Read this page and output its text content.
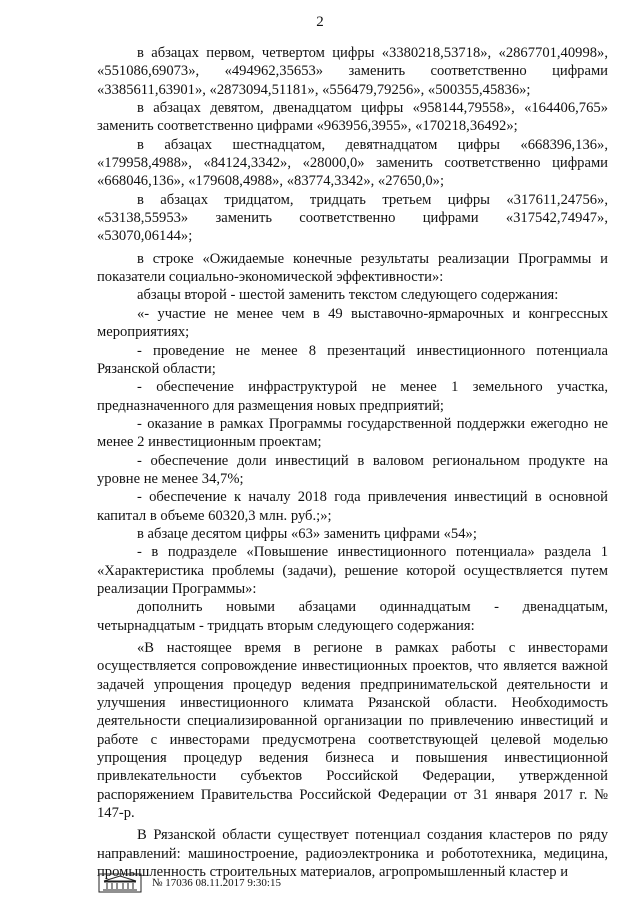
2

в абзацах первом, четвертом цифры «3380218,53718», «2867701,40998», «551086,69073», «494962,35653» заменить соответственно цифрами «3385611,63901», «2873094,51181», «556479,79256», «500355,45836»;

в абзацах девятом, двенадцатом цифры «958144,79558», «164406,765» заменить соответственно цифрами «963956,3955», «170218,36492»;

в абзацах шестнадцатом, девятнадцатом цифры «668396,136», «179958,4988», «84124,3342», «28000,0» заменить соответственно цифрами «668046,136», «179608,4988», «83774,3342», «27650,0»;

в абзацах тридцатом, тридцать третьем цифры «317611,24756», «53138,55953» заменить соответственно цифрами «317542,74947», «53070,06144»;

в строке «Ожидаемые конечные результаты реализации Программы и показатели социально-экономической эффективности»:

абзацы второй - шестой заменить текстом следующего содержания:

«- участие не менее чем в 49 выставочно-ярмарочных и конгрессных мероприятиях;

- проведение не менее 8 презентаций инвестиционного потенциала Рязанской области;

- обеспечение инфраструктурой не менее 1 земельного участка, предназначенного для размещения новых предприятий;

- оказание в рамках Программы государственной поддержки ежегодно не менее 2 инвестиционным проектам;

- обеспечение доли инвестиций в валовом региональном продукте на уровне не менее 34,7%;

- обеспечение к началу 2018 года привлечения инвестиций в основной капитал в объеме 60320,3 млн. руб.;»;

в абзаце десятом цифры «63» заменить цифрами «54»;

- в подразделе «Повышение инвестиционного потенциала» раздела 1 «Характеристика проблемы (задачи), решение которой осуществляется путем реализации Программы»:

дополнить новыми абзацами одиннадцатым - двенадцатым, четырнадцатым - тридцать вторым следующего содержания:

«В настоящее время в регионе в рамках работы с инвесторами осуществляется сопровождение инвестиционных проектов, что является важной задачей упрощения процедур ведения предпринимательской деятельности и улучшения инвестиционного климата Рязанской области. Необходимость деятельности специализированной организации по привлечению инвестиций и работе с инвесторами предусмотрена соответствующей целевой моделью упрощения процедур ведения бизнеса и повышения инвестиционной привлекательности субъектов Российской Федерации, утвержденной распоряжением Правительства Российской Федерации от 31 января 2017 г. № 147-р.

В Рязанской области существует потенциал создания кластеров по ряду направлений: машиностроение, радиоэлектроника и робототехника, медицина, промышленность строительных материалов, агропромышленный кластер и

№ 17036 08.11.2017 9:30:15
